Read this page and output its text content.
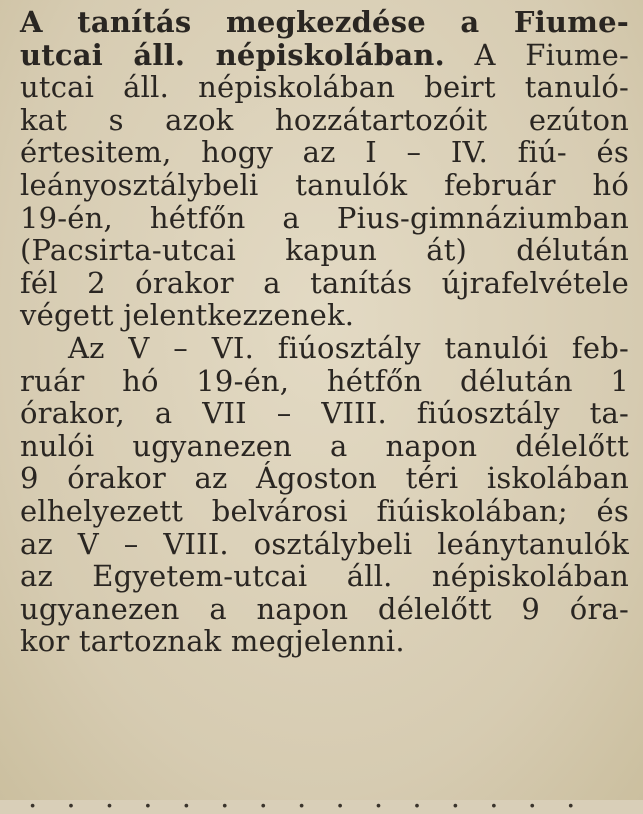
A tanítás megkezdése a Fiume-
utcai áll. népiskolában. A Fiume-
utcai áll. népiskolában beirt tanuló-
kat s azok hozzátartozóit ezúton
értesitem, hogy az I – IV. fiú- és
leányosztálybeli tanulók február hó
19-én, hétfőn a Pius-gimnáziumban
(Pacsirta-utcai kapun át) délután
fél 2 órakor a tanítás újrafelvétele
végett jelentkezzenek.
Az V – VI. fiúosztály tanulói feb-
ruár hó 19-én, hétfőn délután 1
órakor, a VII – VIII. fiúosztály ta-
nulói ugyanezen a napon délelőtt
9 órakor az Ágoston téri iskolában
elhelyezett belvárosi fiúiskolában; és
az V – VIII. osztálybeli leánytanulók
az Egyetem-utcai áll. népiskolában
ugyanezen a napon délelőtt 9 óra-
kor tartoznak megjelenni.
. . . . . . . . . . . . . . .
